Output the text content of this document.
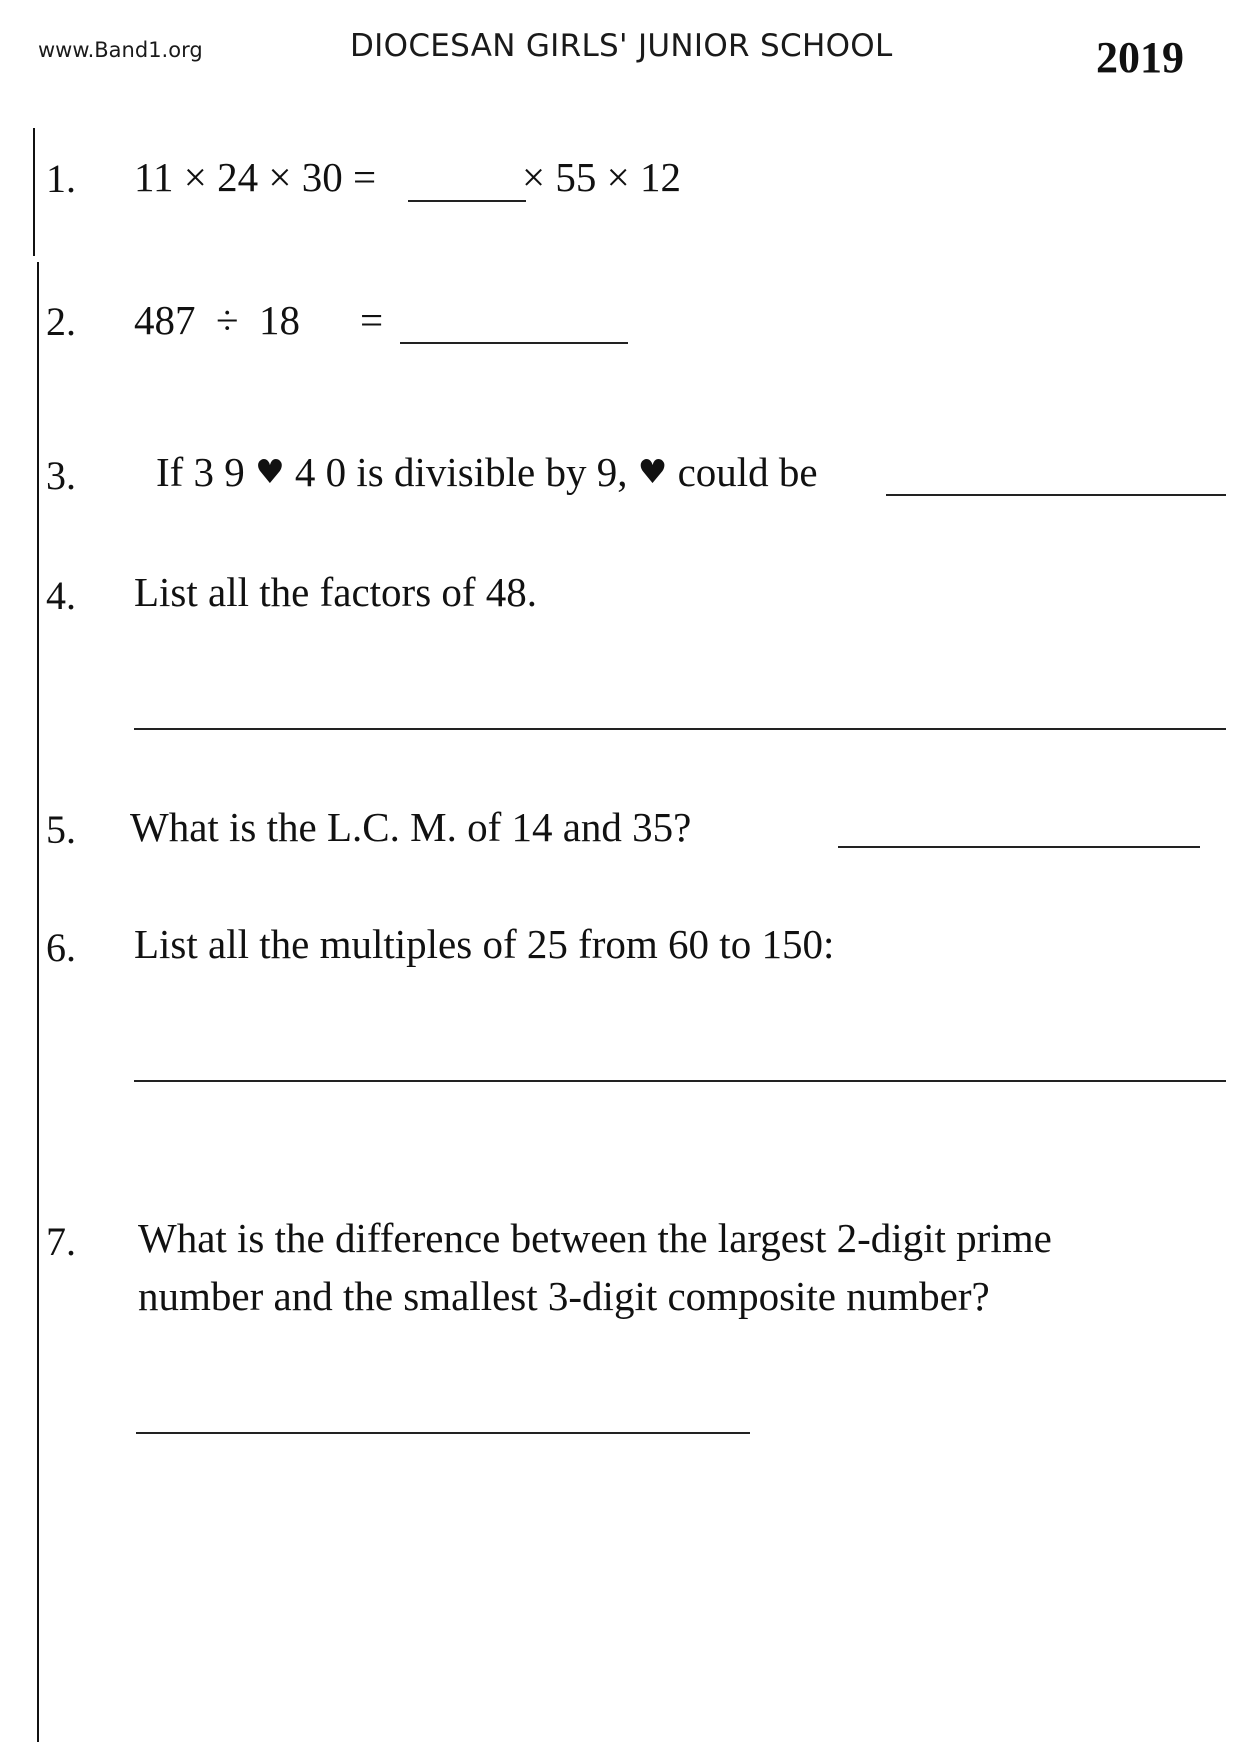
www.Band1.org	DIOCESAN GIRLS' JUNIOR SCHOOL	2019
1. 11 × 24 × 30 =	× 55 × 12
2. 487  ÷  18 =
3. If 3 9 ♥ 4 0 is divisible by 9, ♥ could be
4. List all the factors of 48.
5. What is the L.C. M. of 14 and 35?
6. List all the multiples of 25 from 60 to 150:
7. What is the difference between the largest 2-digit prime
number and the smallest 3-digit composite number?
